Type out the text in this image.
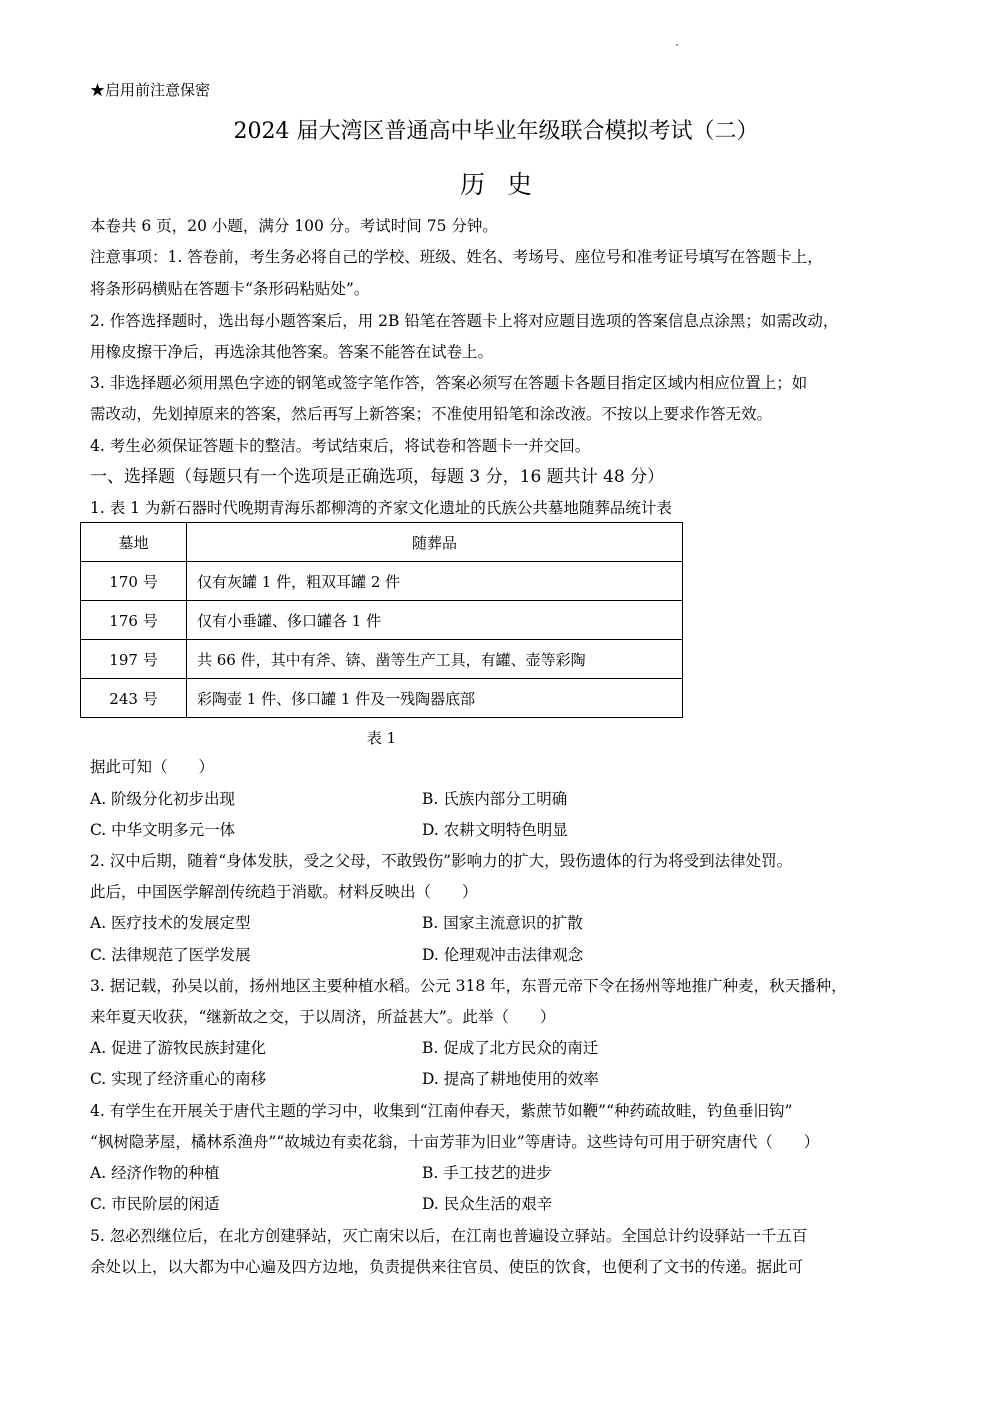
★启用前注意保密
2024 届大湾区普通高中毕业年级联合模拟考试（二）
历史
本卷共 6 页，20 小题，满分 100 分。考试时间 75 分钟。
注意事项：1. 答卷前，考生务必将自己的学校、班级、姓名、考场号、座位号和准考证号填写在答题卡上，
将条形码横贴在答题卡“条形码粘贴处”。
2. 作答选择题时，选出每小题答案后，用 2B 铅笔在答题卡上将对应题目选项的答案信息点涂黑；如需改动，
用橡皮擦干净后，再选涂其他答案。答案不能答在试卷上。
3. 非选择题必须用黑色字迹的钢笔或签字笔作答，答案必须写在答题卡各题目指定区域内相应位置上；如
需改动，先划掉原来的答案，然后再写上新答案；不准使用铅笔和涂改液。不按以上要求作答无效。
4. 考生必须保证答题卡的整洁。考试结束后，将试卷和答题卡一并交回。
一、选择题（每题只有一个选项是正确选项，每题 3 分，16 题共计 48 分）
1. 表 1 为新石器时代晚期青海乐都柳湾的齐家文化遗址的氏族公共墓地随葬品统计表
墓地	随葬品
170 号	仅有灰罐 1 件，粗双耳罐 2 件
176 号	仅有小垂罐、侈口罐各 1 件
197 号	共 66 件，其中有斧、锛、凿等生产工具，有罐、壶等彩陶
243 号	彩陶壶 1 件、侈口罐 1 件及一残陶器底部
表 1
据此可知（　　）
A. 阶级分化初步出现	B. 氏族内部分工明确
C. 中华文明多元一体	D. 农耕文明特色明显
2. 汉中后期，随着“身体发肤，受之父母，不敢毁伤”影响力的扩大，毁伤遗体的行为将受到法律处罚。
此后，中国医学解剖传统趋于消歇。材料反映出（　　）
A. 医疗技术的发展定型	B. 国家主流意识的扩散
C. 法律规范了医学发展	D. 伦理观冲击法律观念
3. 据记载，孙吴以前，扬州地区主要种植水稻。公元 318 年，东晋元帝下令在扬州等地推广种麦，秋天播种，
来年夏天收获，“继新故之交，于以周济，所益甚大”。此举（　　）
A. 促进了游牧民族封建化	B. 促成了北方民众的南迁
C. 实现了经济重心的南移	D. 提高了耕地使用的效率
4. 有学生在开展关于唐代主题的学习中，收集到“江南仲春天，紫蔗节如鞭”“种药疏故畦，钓鱼垂旧钩”
“枫树隐茅屋，橘林系渔舟”“故城边有卖花翁，十亩芳菲为旧业”等唐诗。这些诗句可用于研究唐代（　　）
A. 经济作物的种植	B. 手工技艺的进步
C. 市民阶层的闲适	D. 民众生活的艰辛
5. 忽必烈继位后，在北方创建驿站，灭亡南宋以后，在江南也普遍设立驿站。全国总计约设驿站一千五百
余处以上，以大都为中心遍及四方边地，负责提供来往官员、使臣的饮食，也便利了文书的传递。据此可
